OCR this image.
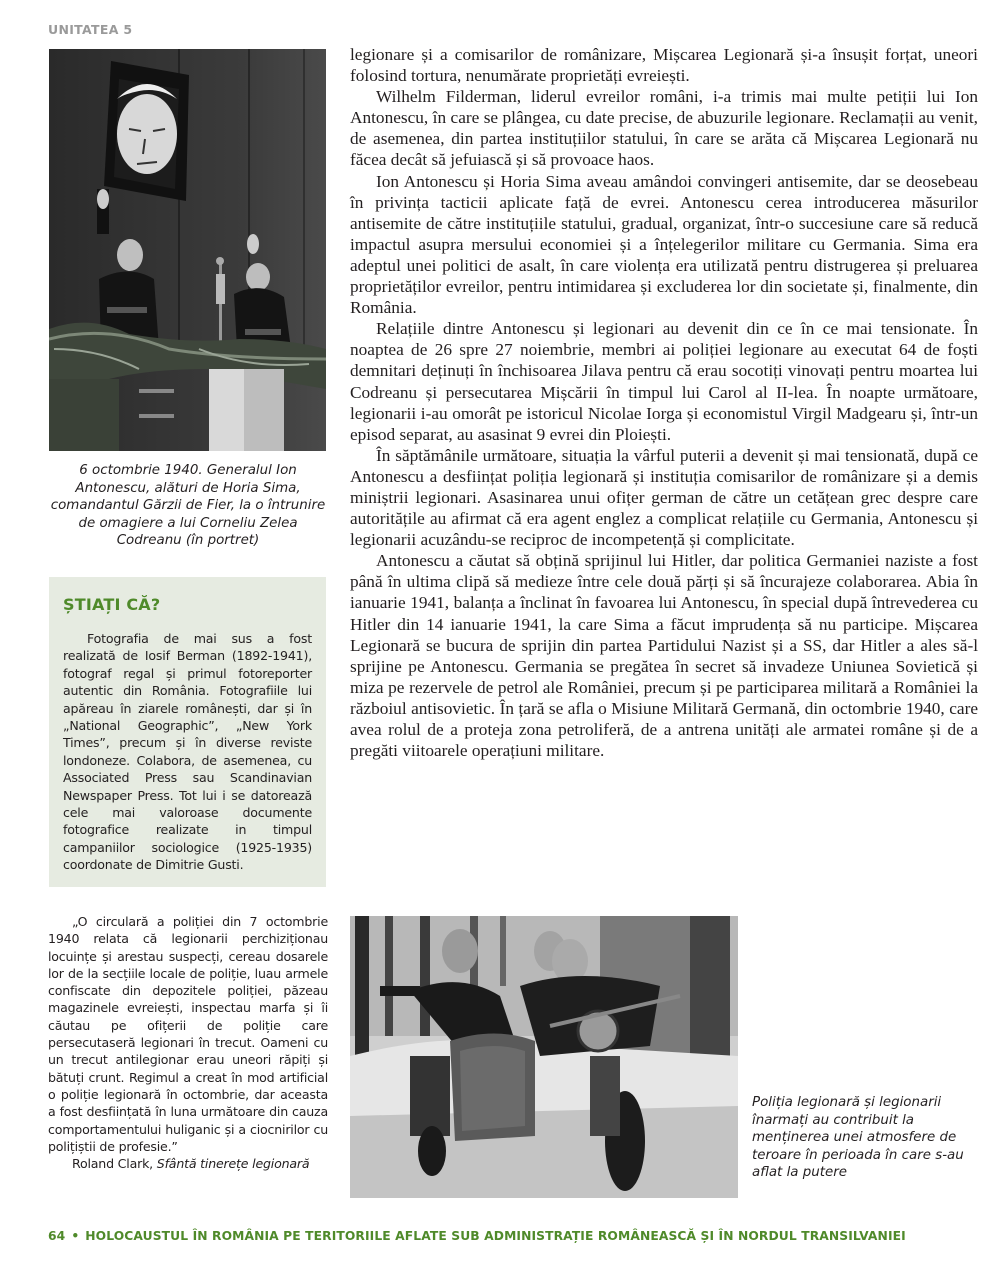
UNITATEA 5
6 octombrie 1940. Generalul Ion Antonescu, alături de Horia Sima, comandantul Gărzii de Fier, la o întrunire de omagiere a lui Corneliu Zelea Codreanu (în portret)
ȘTIAȚI CĂ?
Fotografia de mai sus a fost realizată de Iosif Berman (1892-1941), fotograf regal și primul fotoreporter autentic din România. Fotografiile lui apăreau în ziarele românești, dar și în „National Geographic”, „New York Times”, precum și în diverse reviste londoneze. Colabora, de asemenea, cu Associated Press sau Scandinavian Newspaper Press. Tot lui i se datorează cele mai valoroase documente fotografice realizate in timpul campaniilor sociologice (1925-1935) coordonate de Dimitrie Gusti.
„O circulară a poliției din 7 octombrie 1940 relata că legionarii perchiziționau locuințe și arestau suspecți, cereau dosarele lor de la secțiile locale de poliție, luau armele confiscate din depozitele poliției, păzeau magazinele evreiești, inspectau marfa și îi căutau pe ofițerii de poliție care persecutaseră legionari în trecut. Oameni cu un trecut antilegionar erau uneori răpiți și bătuți crunt. Regimul a creat în mod artificial o poliție legionară în octombrie, dar aceasta a fost desființată în luna următoare din cauza comportamentului huliganic și a ciocnirilor cu polițiștii de profesie.”
Roland Clark, Sfântă tinerețe legionară

legionare și a comisarilor de românizare, Mișcarea Legionară și-a însușit forțat, uneori folosind tortura, nenumărate proprietăți evreiești.

Wilhelm Filderman, liderul evreilor români, i-a trimis mai multe petiții lui Ion Antonescu, în care se plângea, cu date precise, de abuzurile legionare. Reclamații au venit, de asemenea, din partea instituțiilor statului, în care se arăta că Mișcarea Legionară nu făcea decât să jefuiască și să provoace haos.

Ion Antonescu și Horia Sima aveau amândoi convingeri antisemite, dar se deosebeau în privința tacticii aplicate față de evrei. Antonescu cerea introducerea măsurilor antisemite de către instituțiile statului, gradual, organizat, într-o succesiune care să reducă impactul asupra mersului economiei și a înțelegerilor militare cu Germania. Sima era adeptul unei politici de asalt, în care violența era utilizată pentru distrugerea și preluarea proprietăților evreilor, pentru intimidarea și excluderea lor din societate și, finalmente, din România.

Relațiile dintre Antonescu și legionari au devenit din ce în ce mai tensionate. În noaptea de 26 spre 27 noiembrie, membri ai poliției legionare au executat 64 de foști demnitari deținuți în închisoarea Jilava pentru că erau socotiți vinovați pentru moartea lui Codreanu și persecutarea Mișcării în timpul lui Carol al II-lea. În noapte următoare, legionarii i-au omorât pe istoricul Nicolae Iorga și economistul Virgil Madgearu și, într-un episod separat, au asasinat 9 evrei din Ploiești.

În săptămânile următoare, situația la vârful puterii a devenit și mai tensionată, după ce Antonescu a desființat poliția legionară și instituția comisarilor de românizare și a demis miniștrii legionari. Asasinarea unui ofițer german de către un cetățean grec despre care autoritățile au afirmat că era agent englez a complicat relațiile cu Germania, Antonescu și legionarii acuzându-se reciproc de incompetență și complicitate.

Antonescu a căutat să obțină sprijinul lui Hitler, dar politica Germaniei naziste a fost până în ultima clipă să medieze între cele două părți și să încurajeze colaborarea. Abia în ianuarie 1941, balanța a înclinat în favoarea lui Antonescu, în special după întrevederea cu Hitler din 14 ianuarie 1941, la care Sima a făcut imprudența să nu participe. Mișcarea Legionară se bucura de sprijin din partea Partidului Nazist și a SS, dar Hitler a ales să-l sprijine pe Antonescu. Germania se pregătea în secret să invadeze Uniunea Sovietică și miza pe rezervele de petrol ale României, precum și pe participarea militară a României la războiul antisovietic. În țară se afla o Misiune Militară Germană, din octombrie 1940, care avea rolul de a proteja zona petroliferă, de a antrena unități ale armatei române și de a pregăti viitoarele operațiuni militare.

Poliția legionară și legionarii înarmați au contribuit la menținerea unei atmosfere de teroare în perioada în care s-au aflat la putere
64 • HOLOCAUSTUL ÎN ROMÂNIA PE TERITORIILE AFLATE SUB ADMINISTRAȚIE ROMÂNEASCĂ ȘI ÎN NORDUL TRANSILVANIEI
